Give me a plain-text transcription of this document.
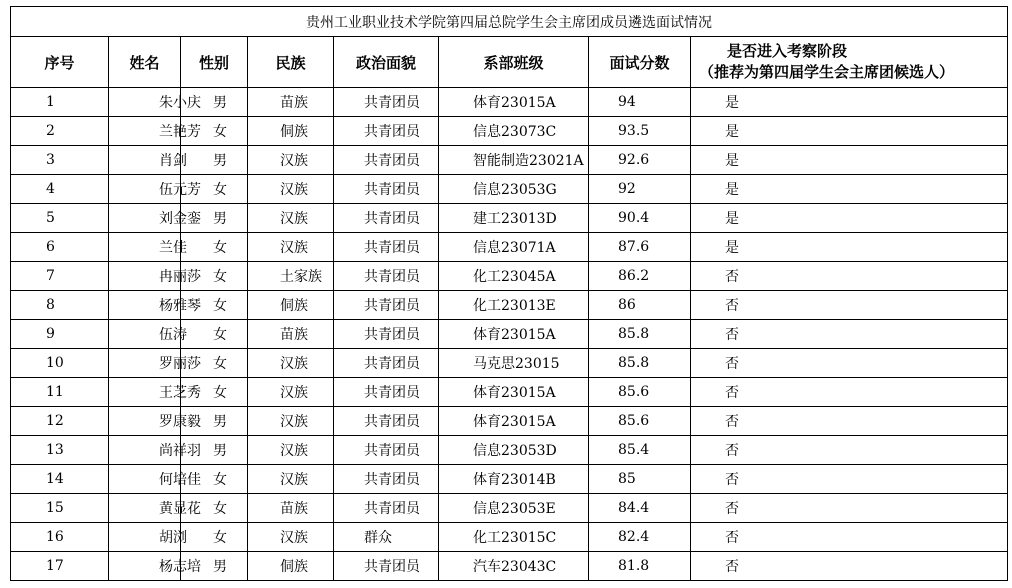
贵州工业职业技术学院第四届总院学生会主席团成员遴选面试情况							
序号	姓名	性别	民族	政治面貌	系部班级	面试分数	是否进入考察阶段
（推荐为第四届学生会主席团候选人）

1	朱小庆	男	苗族	共青团员	体育23015A	94	是
2	兰艳芳	女	侗族	共青团员	信息23073C	93.5	是
3	肖剑	男	汉族	共青团员	智能制造23021A	92.6	是
4	伍元芳	女	汉族	共青团员	信息23053G	92	是
5	刘金銮	男	汉族	共青团员	建工23013D	90.4	是
6	兰佳	女	汉族	共青团员	信息23071A	87.6	是
7	冉丽莎	女	土家族	共青团员	化工23045A	86.2	否
8	杨雅琴	女	侗族	共青团员	化工23013E	86	否
9	伍涛	女	苗族	共青团员	体育23015A	85.8	否
10	罗丽莎	女	汉族	共青团员	马克思23015	85.8	否
11	王芝秀	女	汉族	共青团员	体育23015A	85.6	否
12	罗康毅	男	汉族	共青团员	体育23015A	85.6	否
13	尚祥羽	男	汉族	共青团员	信息23053D	85.4	否
14	何培佳	女	汉族	共青团员	体育23014B	85	否
15	黄显花	女	苗族	共青团员	信息23053E	84.4	否
16	胡浏	女	汉族	群众	化工23015C	82.4	否
17	杨志培	男	侗族	共青团员	汽车23043C	81.8	否
